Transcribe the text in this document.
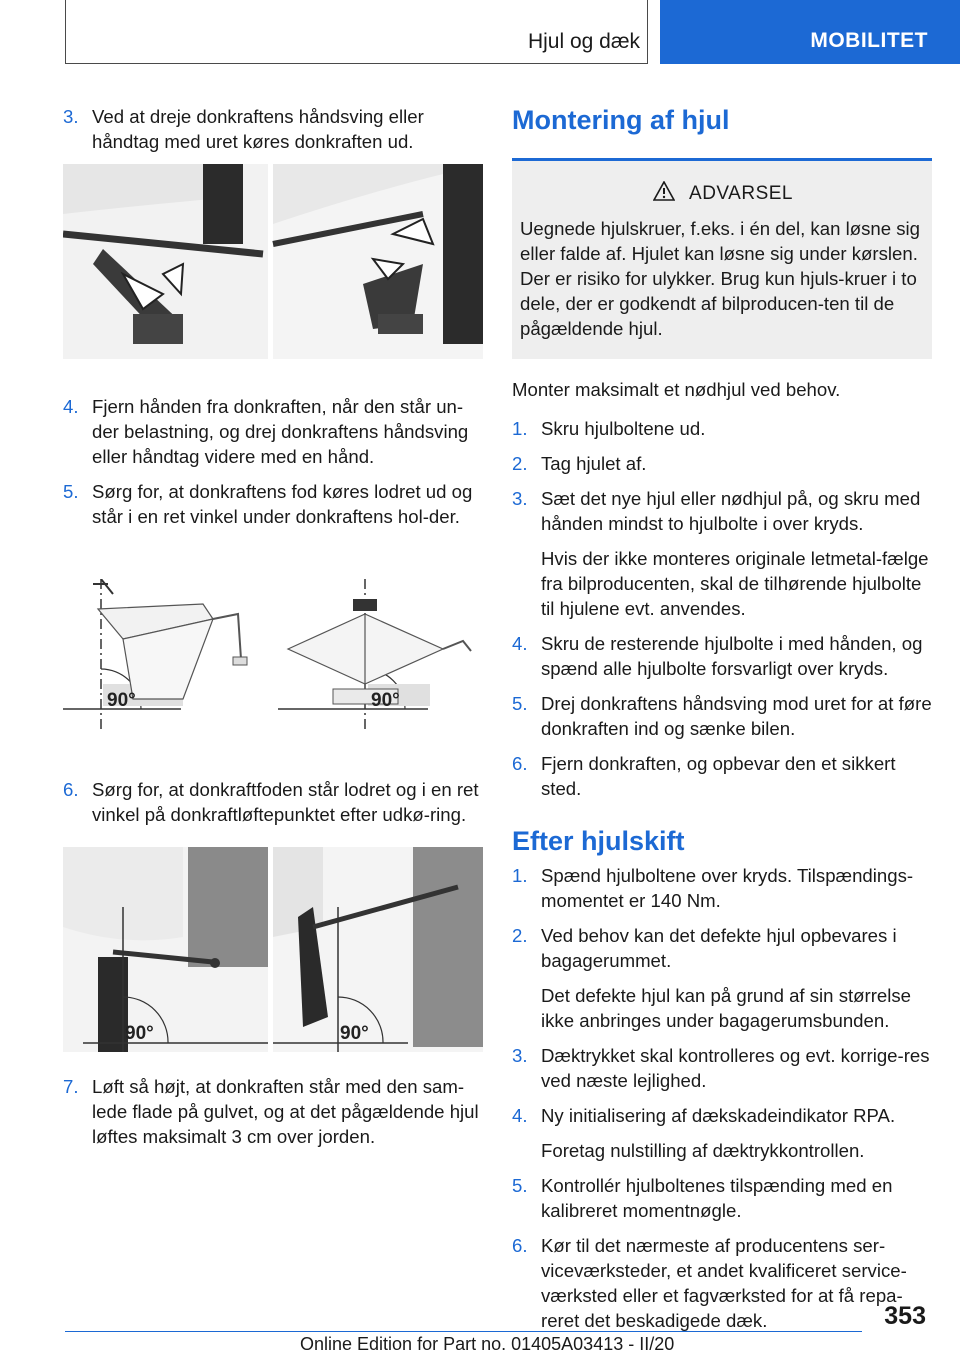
Hjul og dæk	MOBILITET
3. Ved at dreje donkraftens håndsving eller håndtag med uret køres donkraften ud.
4. Fjern hånden fra donkraften, når den står un-der belastning, og drej donkraftens håndsving eller håndtag videre med en hånd.
5. Sørg for, at donkraftens fod køres lodret ud og står i en ret vinkel under donkraftens hol-der.
90°	90°
6. Sørg for, at donkraftfoden står lodret og i en ret vinkel på donkraftløftepunktet efter udkø-ring.
90°	90°
7. Løft så højt, at donkraften står med den sam-lede flade på gulvet, og at det pågældende hjul løftes maksimalt 3 cm over jorden.
Montering af hjul
ADVARSEL
Uegnede hjulskruer, f.eks. i én del, kan løsne sig eller falde af. Hjulet kan løsne sig under kørslen. Der er risiko for ulykker. Brug kun hjuls-kruer i to dele, der er godkendt af bilproducen-ten til de pågældende hjul.
Monter maksimalt et nødhjul ved behov.
1. Skru hjulboltene ud.
2. Tag hjulet af.
3. Sæt det nye hjul eller nødhjul på, og skru med hånden mindst to hjulbolte i over kryds.
Hvis der ikke monteres originale letmetal-fælge fra bilproducenten, skal de tilhørende hjulbolte til hjulene evt. anvendes.
4. Skru de resterende hjulbolte i med hånden, og spænd alle hjulbolte forsvarligt over kryds.
5. Drej donkraftens håndsving mod uret for at føre donkraften ind og sænke bilen.
6. Fjern donkraften, og opbevar den et sikkert sted.
Efter hjulskift
1. Spænd hjulboltene over kryds. Tilspændings-momentet er 140 Nm.
2. Ved behov kan det defekte hjul opbevares i bagagerummet.
Det defekte hjul kan på grund af sin størrelse ikke anbringes under bagagerumsbunden.
3. Dæktrykket skal kontrolleres og evt. korrige-res ved næste lejlighed.
4. Ny initialisering af dækskadeindikator RPA.
Foretag nulstilling af dæktrykkontrollen.
5. Kontrollér hjulboltenes tilspænding med en kalibreret momentnøgle.
6. Kør til det nærmeste af producentens ser-viceværksteder, et andet kvalificeret service-værksted eller et fagværksted for at få repa-reret det beskadigede dæk.	353
Online Edition for Part no. 01405A03413 - II/20
